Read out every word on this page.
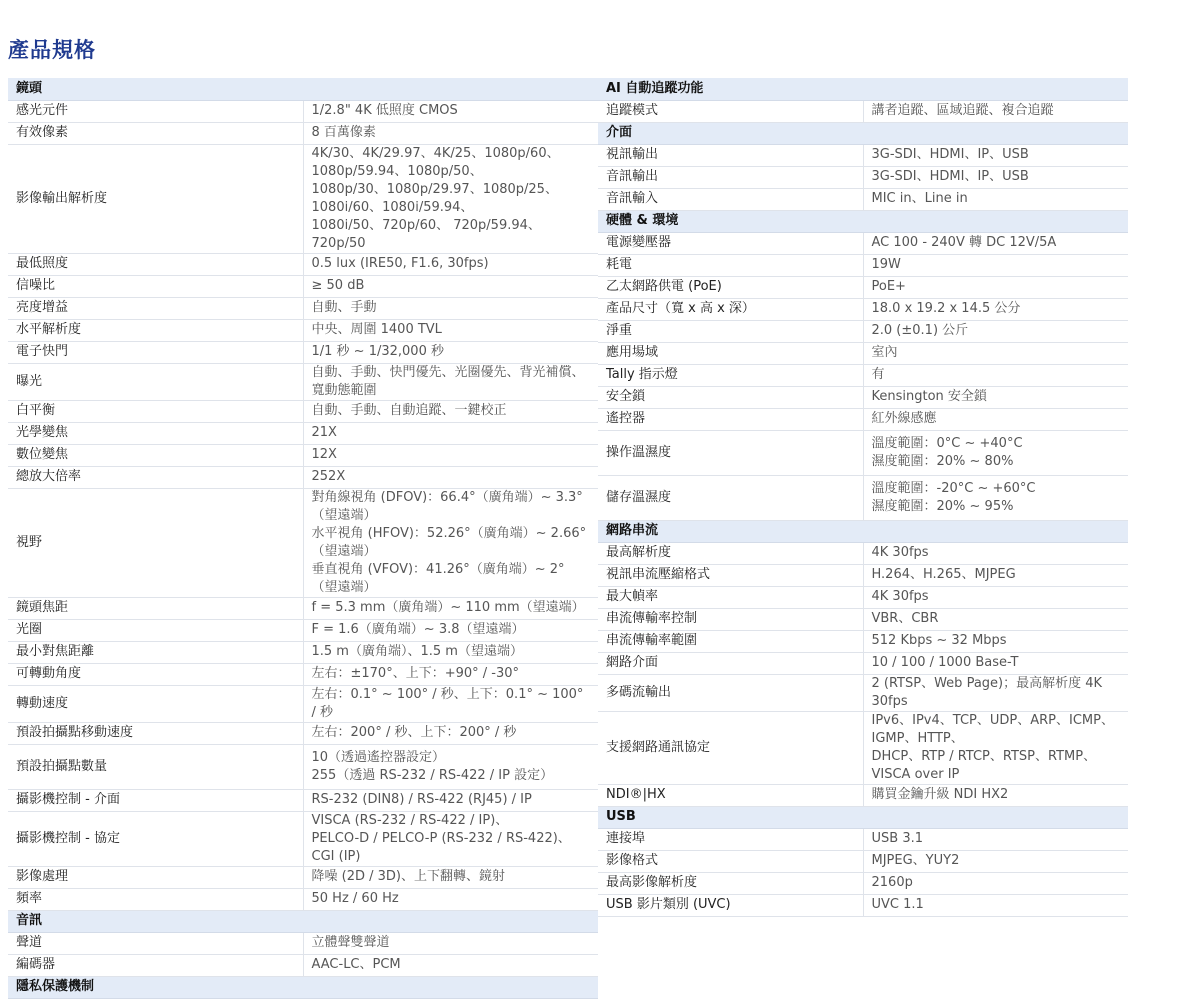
產品規格
鏡頭	
感光元件	1/2.8" 4K 低照度 CMOS

有效像素	8 百萬像素

影像輸出解析度	4K/30、4K/29.97、4K/25、1080p/60、1080p/59.94、1080p/50、
1080p/30、1080p/29.97、1080p/25、1080i/60、1080i/59.94、
1080i/50、720p/60、 720p/59.94、720p/50

最低照度	0.5 lux (IRE50, F1.6, 30fps)

信噪比	≥ 50 dB

亮度增益	自動、手動

水平解析度	中央、周圍 1400 TVL

電子快門	1/1 秒 ~ 1/32,000 秒

曝光	自動、手動、快門優先、光圈優先、背光補償、寬動態範圍

白平衡	自動、手動、自動追蹤、一鍵校正

光學變焦	21X

數位變焦	12X

總放大倍率	252X

視野	對角線視角 (DFOV)：66.4°（廣角端）~ 3.3°（望遠端）
水平視角 (HFOV)：52.26°（廣角端）~ 2.66°（望遠端）
垂直視角 (VFOV)：41.26°（廣角端）~ 2°（望遠端）

鏡頭焦距	f = 5.3 mm（廣角端）~ 110 mm（望遠端）

光圈	F = 1.6（廣角端）~ 3.8（望遠端）

最小對焦距離	1.5 m（廣角端）、1.5 m（望遠端）

可轉動角度	左右：±170°、上下：+90° / -30°

轉動速度	左右：0.1° ~ 100° / 秒、上下：0.1° ~ 100° / 秒

預設拍攝點移動速度	左右：200° / 秒、上下：200° / 秒

預設拍攝點數量	10（透過遙控器設定）
255（透過 RS-232 / RS-422 / IP 設定）

攝影機控制 - 介面	RS-232 (DIN8) / RS-422 (RJ45) / IP

攝影機控制 - 協定	VISCA (RS-232 / RS-422 / IP)、
PELCO-D / PELCO-P (RS-232 / RS-422)、CGI (IP)

影像處理	降噪 (2D / 3D)、上下翻轉、鏡射

頻率	50 Hz / 60 Hz

音訊	
聲道	立體聲雙聲道

編碼器	AAC-LC、PCM

隱私保護機制	
AI 自動追蹤功能	
追蹤模式	講者追蹤、區域追蹤、複合追蹤

介面	
視訊輸出	3G-SDI、HDMI、IP、USB

音訊輸出	3G-SDI、HDMI、IP、USB

音訊輸入	MIC in、Line in

硬體 & 環境	
電源變壓器	AC 100 - 240V 轉 DC 12V/5A

耗電	19W

乙太網路供電 (PoE)	PoE+

產品尺寸（寬 x 高 x 深）	18.0 x 19.2 x 14.5 公分

淨重	2.0 (±0.1) 公斤

應用場域	室內

Tally 指示燈	有

安全鎖	Kensington 安全鎖

遙控器	紅外線感應

操作溫濕度	溫度範圍：0°C ~ +40°C
濕度範圍：20% ~ 80%

儲存溫濕度	溫度範圍：-20°C ~ +60°C
濕度範圍：20% ~ 95%

網路串流	
最高解析度	4K 30fps

視訊串流壓縮格式	H.264、H.265、MJPEG

最大幀率	4K 30fps

串流傳輸率控制	VBR、CBR

串流傳輸率範圍	512 Kbps ~ 32 Mbps

網路介面	10 / 100 / 1000 Base-T

多碼流輸出	2 (RTSP、Web Page)；最高解析度 4K 30fps

支援網路通訊協定	IPv6、IPv4、TCP、UDP、ARP、ICMP、IGMP、HTTP、
DHCP、RTP / RTCP、RTSP、RTMP、VISCA over IP

NDI®|HX	購買金鑰升級 NDI HX2

USB	
連接埠	USB 3.1

影像格式	MJPEG、YUY2

最高影像解析度	2160p

USB 影片類別 (UVC)	UVC 1.1
